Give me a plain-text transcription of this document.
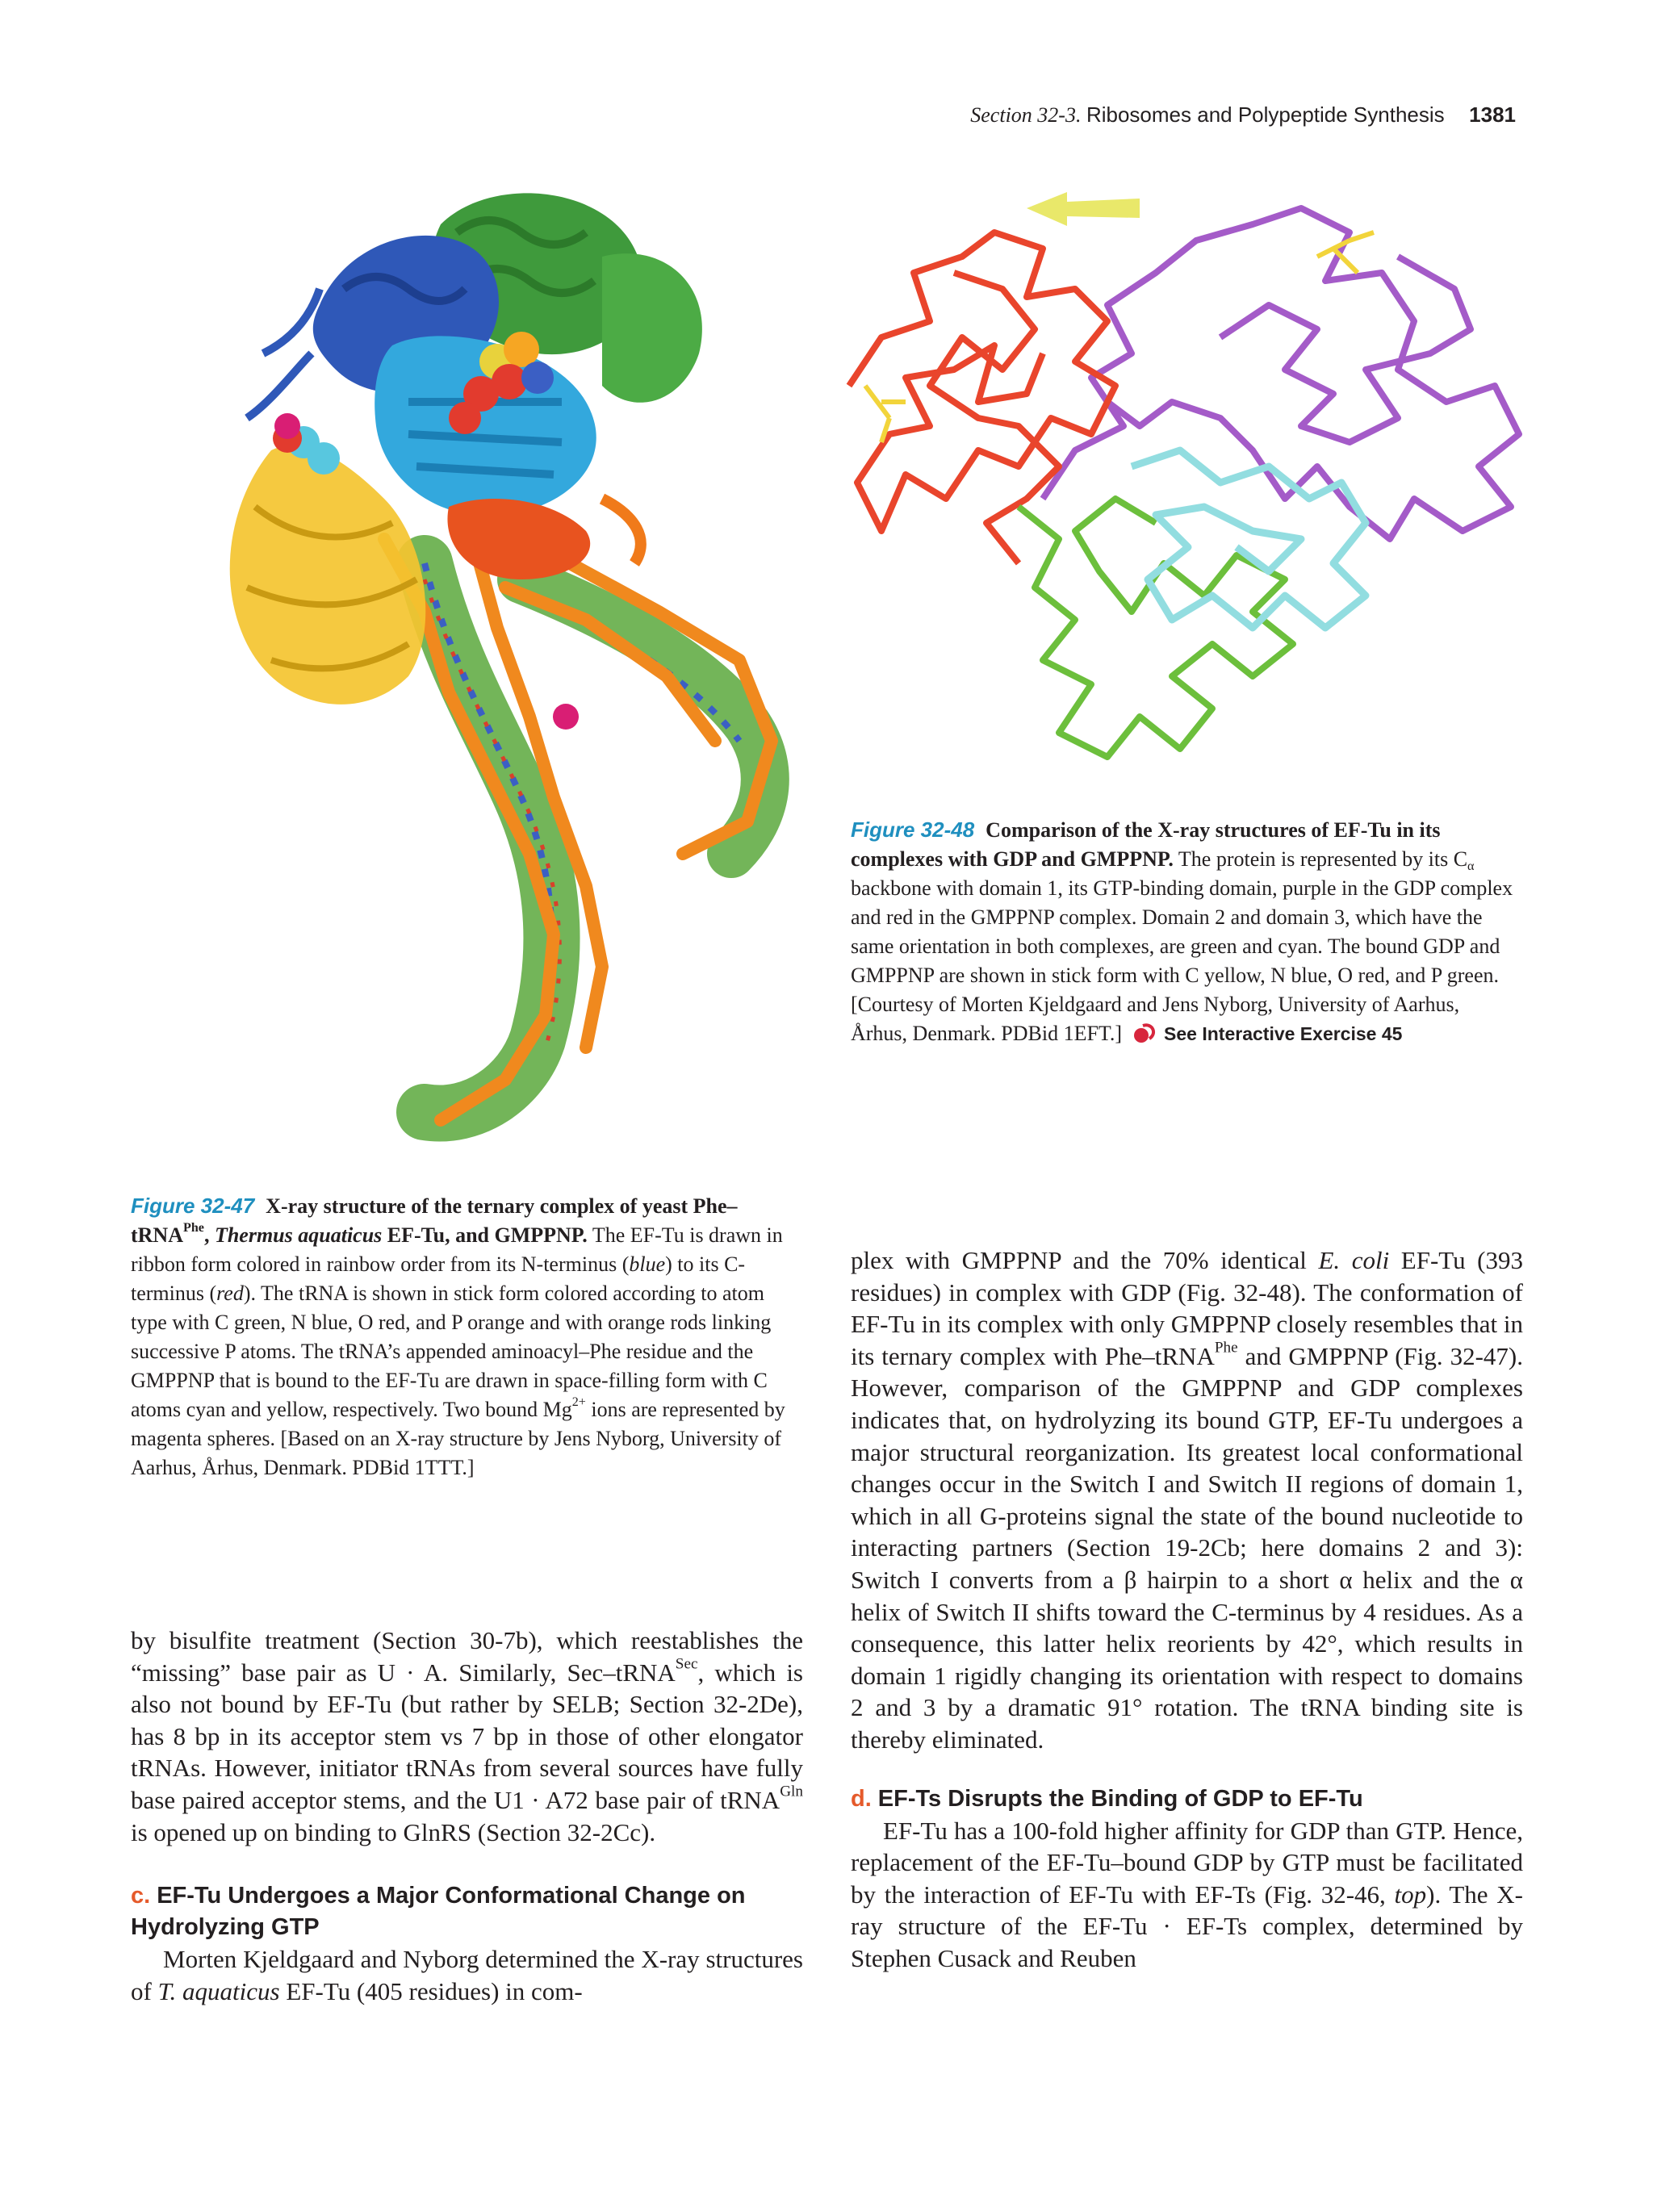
Section 32-3. Ribosomes and Polypeptide Synthesis 1381
Figure 32-48 Comparison of the X-ray structures of EF-Tu in its complexes with GDP and GMPPNP. The protein is represented by its $C_\alpha$ backbone with domain 1, its GTP-binding domain, purple in the GDP complex and red in the GMPPNP complex. Domain 2 and domain 3, which have the same orientation in both complexes, are green and cyan. The bound GDP and GMPPNP are shown in stick form with C yellow, N blue, O red, and P green. [Courtesy of Morten Kjeldgaard and Jens Nyborg, University of Aarhus, Århus, Denmark. PDBid 1EFT.] See Interactive Exercise 45
Figure 32-47 X-ray structure of the ternary complex of yeast Phe–tRNA$^{Phe}$, Thermus aquaticus EF-Tu, and GMPPNP. The EF-Tu is drawn in ribbon form colored in rainbow order from its N-terminus (blue) to its C-terminus (red). The tRNA is shown in stick form colored according to atom type with C green, N blue, O red, and P orange and with orange rods linking successive P atoms. The tRNA’s appended aminoacyl–Phe residue and the GMPPNP that is bound to the EF-Tu are drawn in space-filling form with C atoms cyan and yellow, respectively. Two bound $Mg^{2+}$ ions are represented by magenta spheres. [Based on an X-ray structure by Jens Nyborg, University of Aarhus, Århus, Denmark. PDBid 1TTT.]

by bisulfite treatment (Section 30-7b), which reestablishes the “missing” base pair as U · A. Similarly, Sec–tRNA$^{Sec}$, which is also not bound by EF-Tu (but rather by SELB; Section 32-2De), has 8 bp in its acceptor stem vs 7 bp in those of other elongator tRNAs. However, initiator tRNAs from several sources have fully base paired acceptor stems, and the U1 · A72 base pair of tRNA$^{Gln}$ is opened up on binding to GlnRS (Section 32-2Cc).

c. EF-Tu Undergoes a Major Conformational Change on Hydrolyzing GTP

Morten Kjeldgaard and Nyborg determined the X-ray structures of T. aquaticus EF-Tu (405 residues) in com-

plex with GMPPNP and the 70% identical E. coli EF-Tu (393 residues) in complex with GDP (Fig. 32-48). The conformation of EF-Tu in its complex with only GMPPNP closely resembles that in its ternary complex with Phe–tRNA$^{Phe}$ and GMPPNP (Fig. 32-47). However, comparison of the GMPPNP and GDP complexes indicates that, on hydrolyzing its bound GTP, EF-Tu undergoes a major structural reorganization. Its greatest local conformational changes occur in the Switch I and Switch II regions of domain 1, which in all G-proteins signal the state of the bound nucleotide to interacting partners (Section 19-2Cb; here domains 2 and 3): Switch I converts from a β hairpin to a short α helix and the α helix of Switch II shifts toward the C-terminus by 4 residues. As a consequence, this latter helix reorients by 42°, which results in domain 1 rigidly changing its orientation with respect to domains 2 and 3 by a dramatic 91° rotation. The tRNA binding site is thereby eliminated.

d. EF-Ts Disrupts the Binding of GDP to EF-Tu

EF-Tu has a 100-fold higher affinity for GDP than GTP. Hence, replacement of the EF-Tu–bound GDP by GTP must be facilitated by the interaction of EF-Tu with EF-Ts (Fig. 32-46, top). The X-ray structure of the EF-Tu · EF-Ts complex, determined by Stephen Cusack and Reuben
